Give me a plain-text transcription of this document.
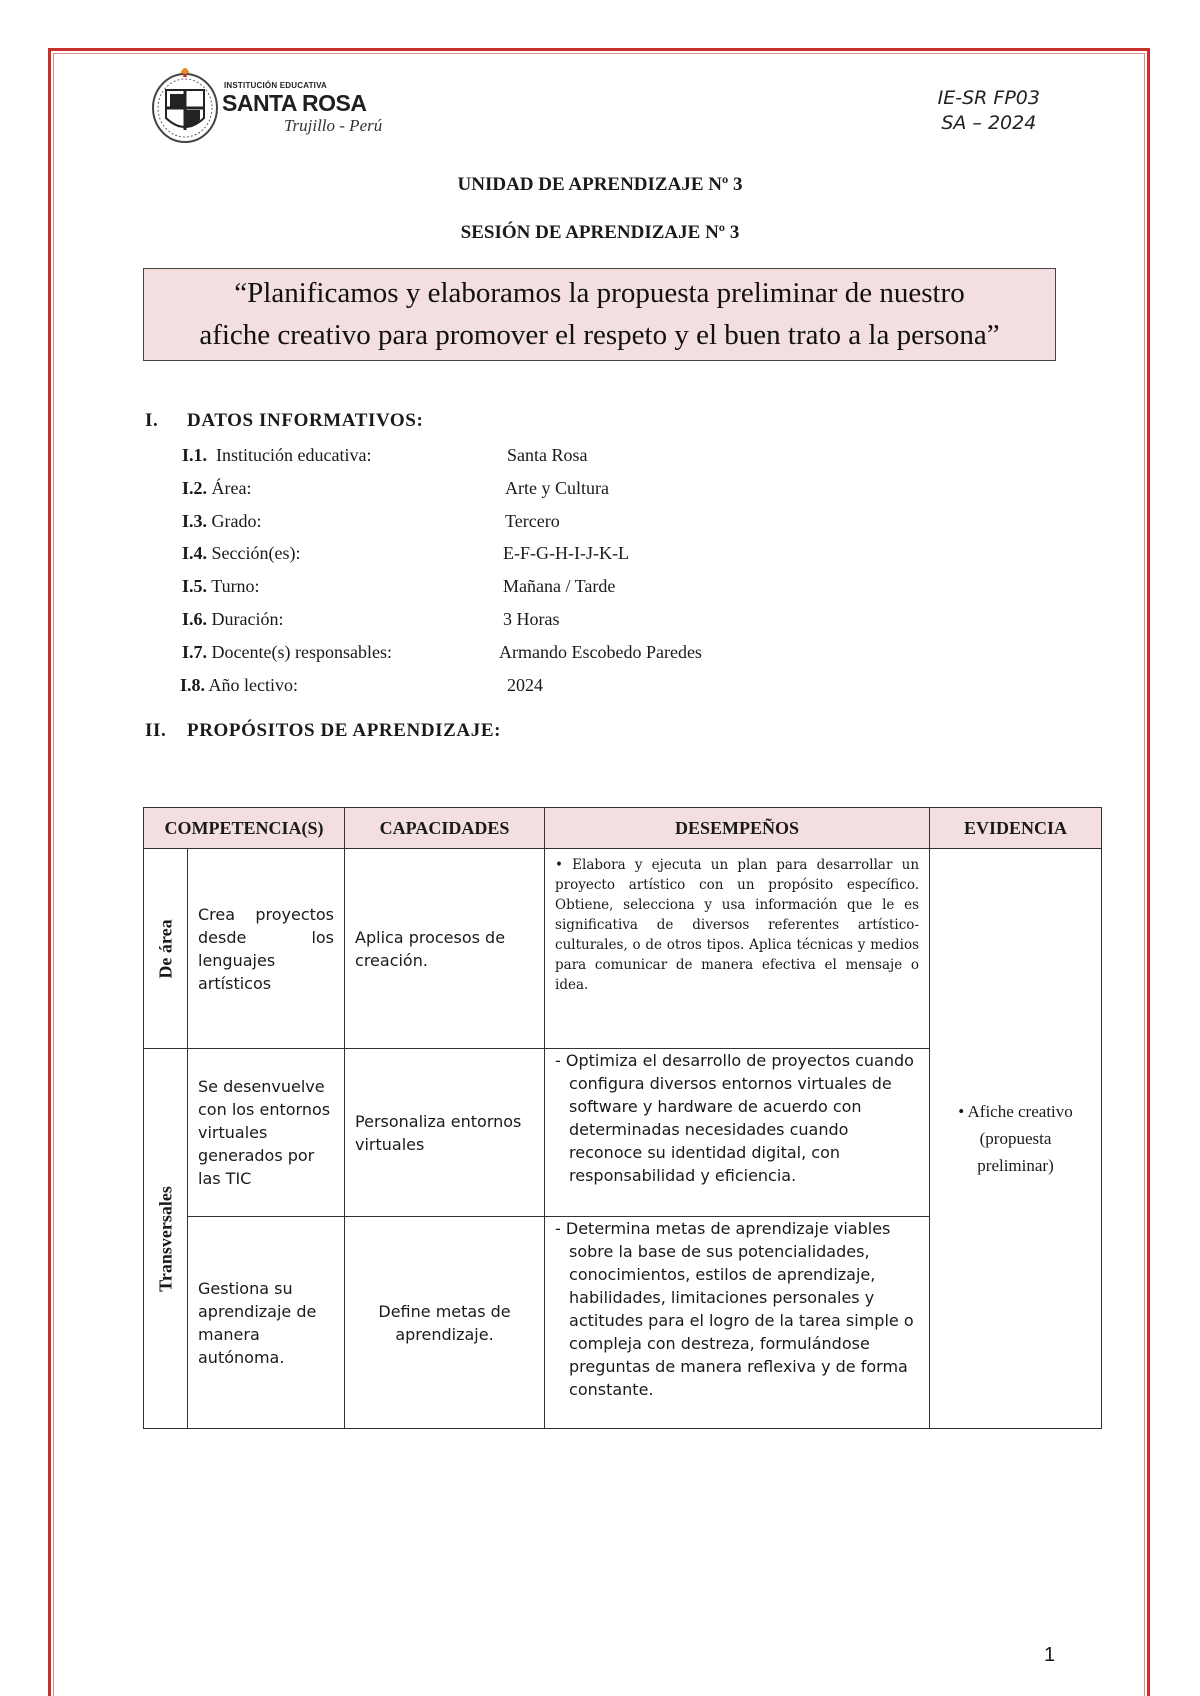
INSTITUCIÓN EDUCATIVA
SANTA ROSA
Trujillo - Perú
IE-SR FP03
SA – 2024
UNIDAD DE APRENDIZAJE Nº 3
SESIÓN DE APRENDIZAJE Nº 3
“Planificamos y elaboramos la propuesta preliminar de nuestro
afiche creativo para promover el respeto y el buen trato a la persona”
I. DATOS INFORMATIVOS:
I.1. Institución educativa:	Santa Rosa
I.2. Área:	Arte y Cultura
I.3. Grado:	Tercero
I.4. Sección(es):	E-F-G-H-I-J-K-L
I.5. Turno:	Mañana / Tarde
I.6. Duración:	3 Horas
I.7. Docente(s) responsables:	Armando Escobedo Paredes
I.8. Año lectivo:	2024
II. PROPÓSITOS DE APRENDIZAJE:
COMPETENCIA(S)		CAPACIDADES	DESEMPEÑOS	EVIDENCIA

De área	Crea proyectos desde los lenguajes artísticos	Aplica procesos de creación.	• Elabora y ejecuta un plan para desarrollar un proyecto artístico con un propósito específico. Obtiene, selecciona y usa información que le es significativa de diversos referentes artístico-culturales, o de otros tipos. Aplica técnicas y medios para comunicar de manera efectiva el mensaje o idea.	• Afiche creativo (propuesta preliminar)

Transversales	Se desenvuelve con los entornos virtuales generados por las TIC	Personaliza entornos virtuales	- Optimiza el desarrollo de proyectos cuando configura diversos entornos virtuales de software y hardware de acuerdo con determinadas necesidades cuando reconoce su identidad digital, con responsabilidad y eficiencia.	

	Gestiona su aprendizaje de manera autónoma.	Define metas de aprendizaje.	- Determina metas de aprendizaje viables sobre la base de sus potencialidades, conocimientos, estilos de aprendizaje, habilidades, limitaciones personales y actitudes para el logro de la tarea simple o compleja con destreza, formulándose preguntas de manera reflexiva y de forma constante.	
1
